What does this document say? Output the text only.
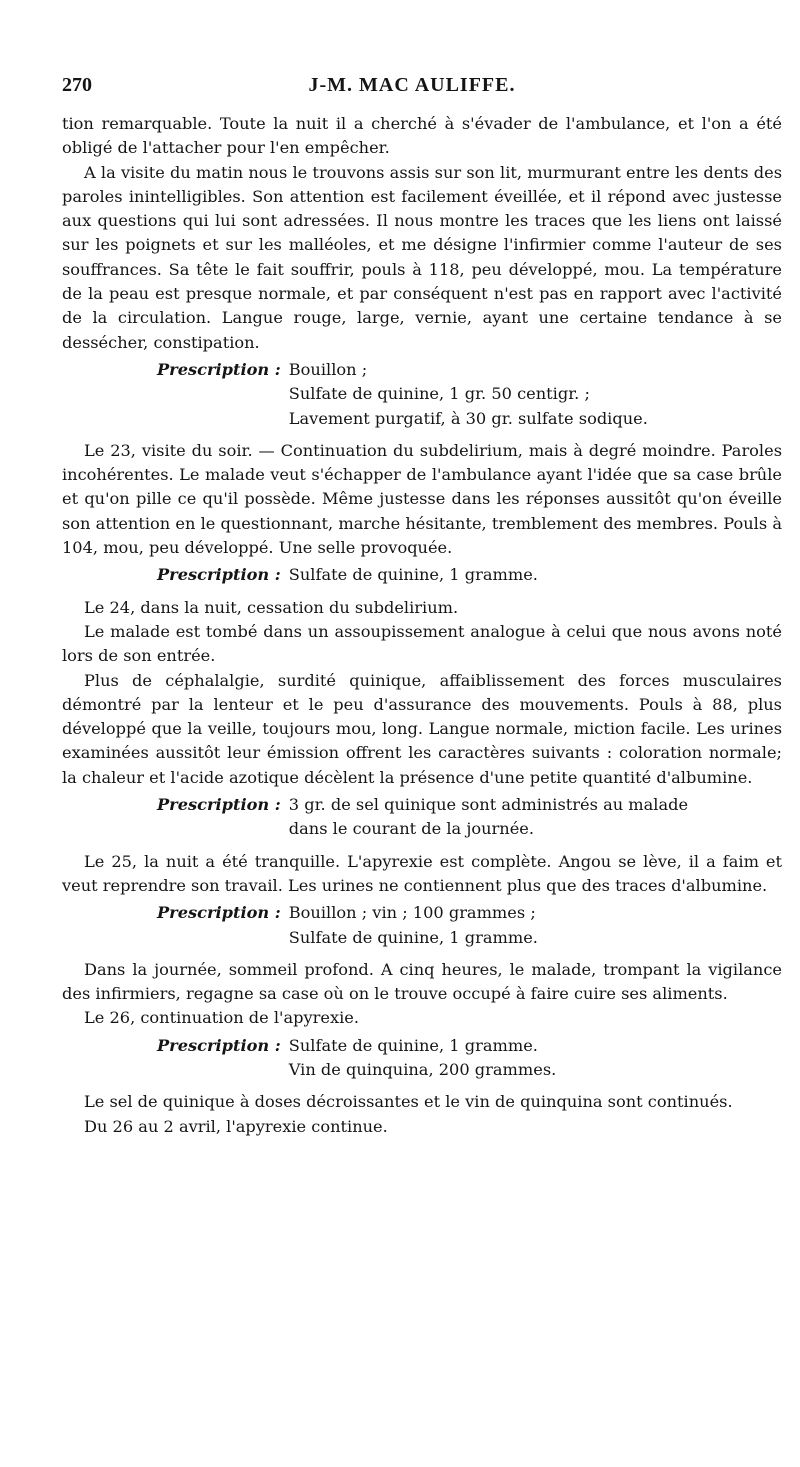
270	J-M. MAC AULIFFE.

tion remarquable. Toute la nuit il a cherché à s'évader de l'ambulance, et l'on a été obligé de l'attacher pour l'en empêcher.

A la visite du matin nous le trouvons assis sur son lit, murmurant entre les dents des paroles inintelligibles. Son attention est facilement éveillée, et il répond avec justesse aux questions qui lui sont adressées. Il nous montre les traces que les liens ont laissé sur les poignets et sur les malléoles, et me désigne l'infirmier comme l'auteur de ses souffrances. Sa tête le fait souffrir, pouls à 118, peu développé, mou. La température de la peau est presque normale, et par conséquent n'est pas en rapport avec l'activité de la circulation. Langue rouge, large, vernie, ayant une certaine tendance à se dessécher, constipation.

Prescription : Bouillon ;
Sulfate de quinine, 1 gr. 50 centigr. ;
Lavement purgatif, à 30 gr. sulfate sodique.

Le 23, visite du soir. — Continuation du subdelirium, mais à degré moindre. Paroles incohérentes. Le malade veut s'échapper de l'ambulance ayant l'idée que sa case brûle et qu'on pille ce qu'il possède. Même justesse dans les réponses aussitôt qu'on éveille son attention en le questionnant, marche hésitante, tremblement des membres. Pouls à 104, mou, peu développé. Une selle provoquée.

Prescription : Sulfate de quinine, 1 gramme.

Le 24, dans la nuit, cessation du subdelirium.

Le malade est tombé dans un assoupissement analogue à celui que nous avons noté lors de son entrée.

Plus de céphalalgie, surdité quinique, affaiblissement des forces musculaires démontré par la lenteur et le peu d'assurance des mouvements. Pouls à 88, plus développé que la veille, toujours mou, long. Langue normale, miction facile. Les urines examinées aussitôt leur émission offrent les caractères suivants : coloration normale; la chaleur et l'acide azotique décèlent la présence d'une petite quantité d'albumine.

Prescription : 3 gr. de sel quinique sont administrés au malade
dans le courant de la journée.

Le 25, la nuit a été tranquille. L'apyrexie est complète. Angou se lève, il a faim et veut reprendre son travail. Les urines ne contiennent plus que des traces d'albumine.

Prescription : Bouillon ; vin ; 100 grammes ;
Sulfate de quinine, 1 gramme.

Dans la journée, sommeil profond. A cinq heures, le malade, trompant la vigilance des infirmiers, regagne sa case où on le trouve occupé à faire cuire ses aliments.

Le 26, continuation de l'apyrexie.

Prescription : Sulfate de quinine, 1 gramme.
Vin de quinquina, 200 grammes.

Le sel de quinique à doses décroissantes et le vin de quinquina sont continués.

Du 26 au 2 avril, l'apyrexie continue.
